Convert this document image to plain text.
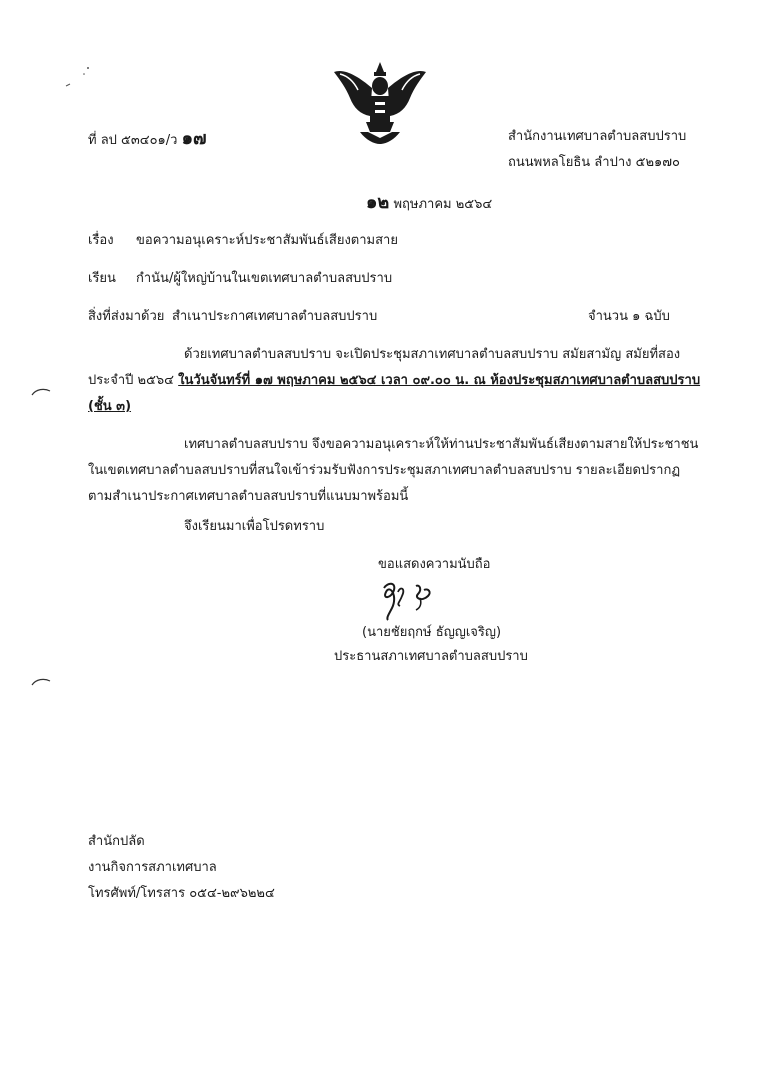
ที่ ลป ๕๓๔๐๑/ว ๑๗	สำนักงานเทศบาลตำบลสบปราบ
ถนนพหลโยธิน ลำปาง ๕๒๑๗๐
๑๒ พฤษภาคม ๒๕๖๔
เรื่อง ขอความอนุเคราะห์ประชาสัมพันธ์เสียงตามสาย
เรียน กำนัน/ผู้ใหญ่บ้านในเขตเทศบาลตำบลสบปราบ
สิ่งที่ส่งมาด้วย สำเนาประกาศเทศบาลตำบลสบปราบ	จำนวน ๑ ฉบับ

ด้วยเทศบาลตำบลสบปราบ จะเปิดประชุมสภาเทศบาลตำบลสบปราบ สมัยสามัญ สมัยที่สอง ประจำปี ๒๕๖๔ ในวันจันทร์ที่ ๑๗ พฤษภาคม ๒๕๖๔ เวลา ๐๙.๐๐ น. ณ ห้องประชุมสภาเทศบาลตำบลสบปราบ (ชั้น ๓)

เทศบาลตำบลสบปราบ จึงขอความอนุเคราะห์ให้ท่านประชาสัมพันธ์เสียงตามสายให้ประชาชนในเขตเทศบาลตำบลสบปราบที่สนใจเข้าร่วมรับฟังการประชุมสภาเทศบาลตำบลสบปราบ รายละเอียดปรากฏตามสำเนาประกาศเทศบาลตำบลสบปราบที่แนบมาพร้อมนี้

จึงเรียนมาเพื่อโปรดทราบ
ขอแสดงความนับถือ
(นายชัยฤกษ์ ธัญญเจริญ)
ประธานสภาเทศบาลตำบลสบปราบ
สำนักปลัด
งานกิจการสภาเทศบาล
โทรศัพท์/โทรสาร ๐๕๔-๒๙๖๒๒๔
